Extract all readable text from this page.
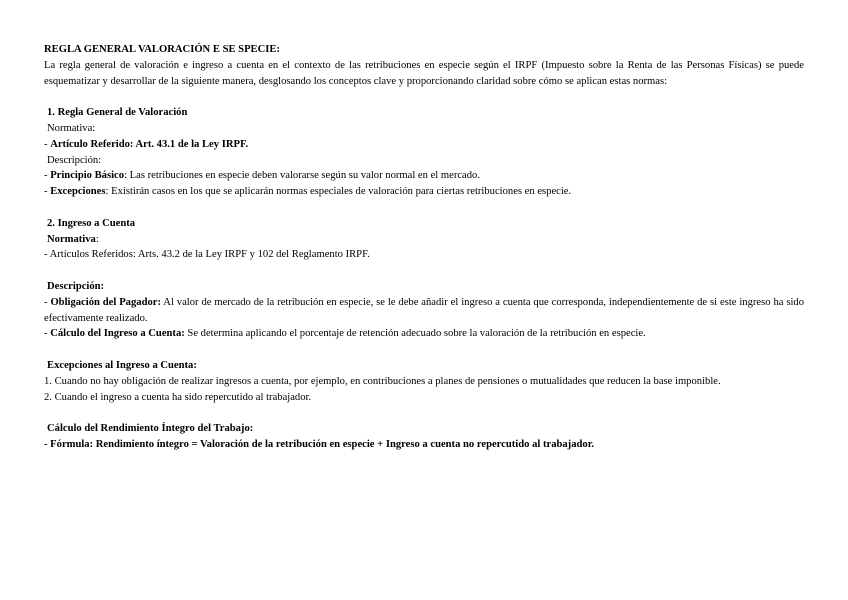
REGLA GENERAL VALORACIÓN E SE SPECIE:
La regla general de valoración e ingreso a cuenta en el contexto de las retribuciones en especie según el IRPF (Impuesto sobre la Renta de las Personas Físicas) se puede esquematizar y desarrollar de la siguiente manera, desglosando los conceptos clave y proporcionando claridad sobre cómo se aplican estas normas:
1. Regla General de Valoración
Normativa:
- Artículo Referido: Art. 43.1 de la Ley IRPF.
Descripción:
- Principio Básico: Las retribuciones en especie deben valorarse según su valor normal en el mercado.
- Excepciones: Existirán casos en los que se aplicarán normas especiales de valoración para ciertas retribuciones en especie.
2. Ingreso a Cuenta
Normativa:
- Artículos Referidos: Arts. 43.2 de la Ley IRPF y 102 del Reglamento IRPF.
Descripción:
- Obligación del Pagador: Al valor de mercado de la retribución en especie, se le debe añadir el ingreso a cuenta que corresponda, independientemente de si este ingreso ha sido efectivamente realizado.
- Cálculo del Ingreso a Cuenta: Se determina aplicando el porcentaje de retención adecuado sobre la valoración de la retribución en especie.
Excepciones al Ingreso a Cuenta:
1. Cuando no hay obligación de realizar ingresos a cuenta, por ejemplo, en contribuciones a planes de pensiones o mutualidades que reducen la base imponible.
2. Cuando el ingreso a cuenta ha sido repercutido al trabajador.
Cálculo del Rendimiento Íntegro del Trabajo:
- Fórmula: Rendimiento íntegro = Valoración de la retribución en especie + Ingreso a cuenta no repercutido al trabajador.
